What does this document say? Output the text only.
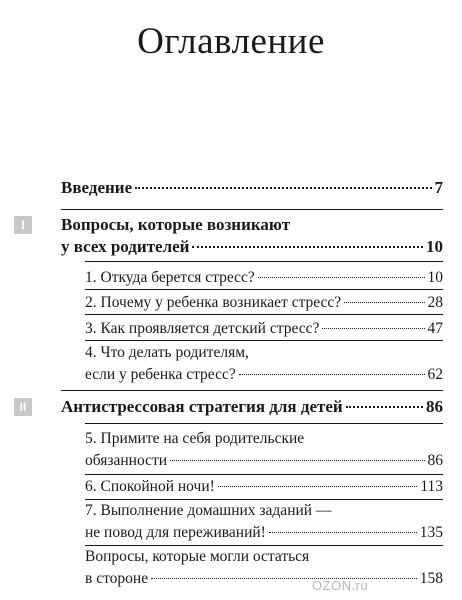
Оглавление
Введение	7
I	Вопросы, которые возникают
у всех родителей	10
1. Откуда берется стресс?	10
2. Почему у ребенка возникает стресс?	28
3. Как проявляется детский стресс?	47
4. Что делать родителям,
если у ребенка стресс?	62
II	Антистрессовая стратегия для детей	86
5. Примите на себя родительские
обязанности	86
6. Спокойной ночи!	113
7. Выполнение домашних заданий —
не повод для переживаний!	135
Вопросы, которые могли остаться
в стороне	158
OZON.ru
